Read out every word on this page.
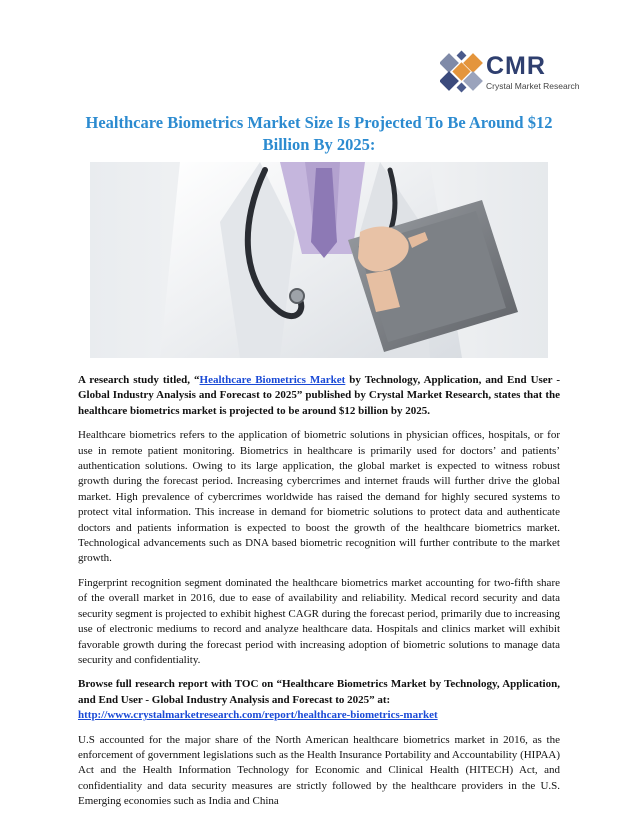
CMR
Crystal Market Research
Healthcare Biometrics Market Size Is Projected To Be Around $12 Billion By 2025:

A research study titled, “Healthcare Biometrics Market by Technology, Application, and End User - Global Industry Analysis and Forecast to 2025” published by Crystal Market Research, states that the healthcare biometrics market is projected to be around $12 billion by 2025.

Healthcare biometrics refers to the application of biometric solutions in physician offices, hospitals, or for use in remote patient monitoring. Biometrics in healthcare is primarily used for doctors’ and patients’ authentication solutions. Owing to its large application, the global market is expected to witness robust growth during the forecast period. Increasing cybercrimes and internet frauds will further drive the global market. High prevalence of cybercrimes worldwide has raised the demand for highly secured systems to protect vital information. This increase in demand for biometric solutions to protect data and authenticate doctors and patients information is expected to boost the growth of the healthcare biometrics market. Technological advancements such as DNA based biometric recognition will further contribute to the market growth.

Fingerprint recognition segment dominated the healthcare biometrics market accounting for two-fifth share of the overall market in 2016, due to ease of availability and reliability. Medical record security and data security segment is projected to exhibit highest CAGR during the forecast period, primarily due to increasing use of electronic mediums to record and analyze healthcare data. Hospitals and clinics market will exhibit favorable growth during the forecast period with increasing adoption of biometric solutions to manage data security and confidentiality.

Browse full research report with TOC on “Healthcare Biometrics Market by Technology, Application, and End User - Global Industry Analysis and Forecast to 2025” at:
http://www.crystalmarketresearch.com/report/healthcare-biometrics-market

U.S accounted for the major share of the North American healthcare biometrics market in 2016, as the enforcement of government legislations such as the Health Insurance Portability and Accountability (HIPAA) Act and the Health Information Technology for Economic and Clinical Health (HITECH) Act, and confidentiality and data security measures are strictly followed by the healthcare providers in the U.S. Emerging economies such as India and China
